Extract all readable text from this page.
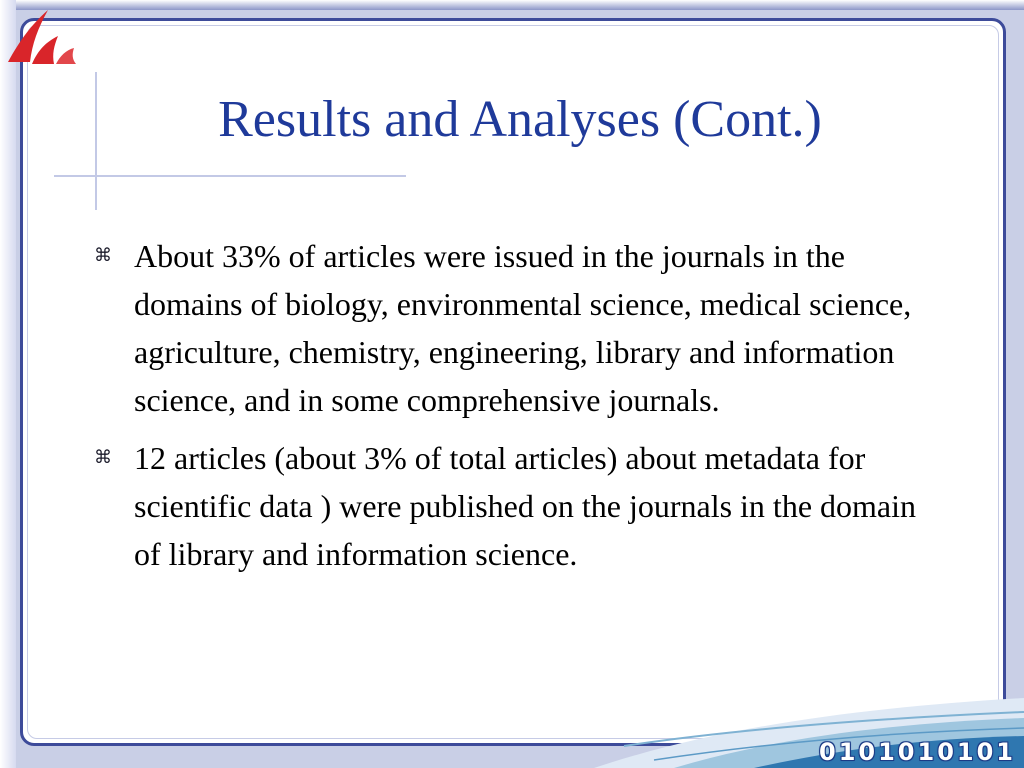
Results and Analyses (Cont.)
⌘ About 33% of articles were issued in the journals in the domains of biology, environmental science, medical science, agriculture, chemistry, engineering, library and information science, and in some comprehensive journals.
⌘ 12 articles (about 3% of total articles) about metadata for scientific data ) were published on the journals in the domain of library and information science.
0101010101
